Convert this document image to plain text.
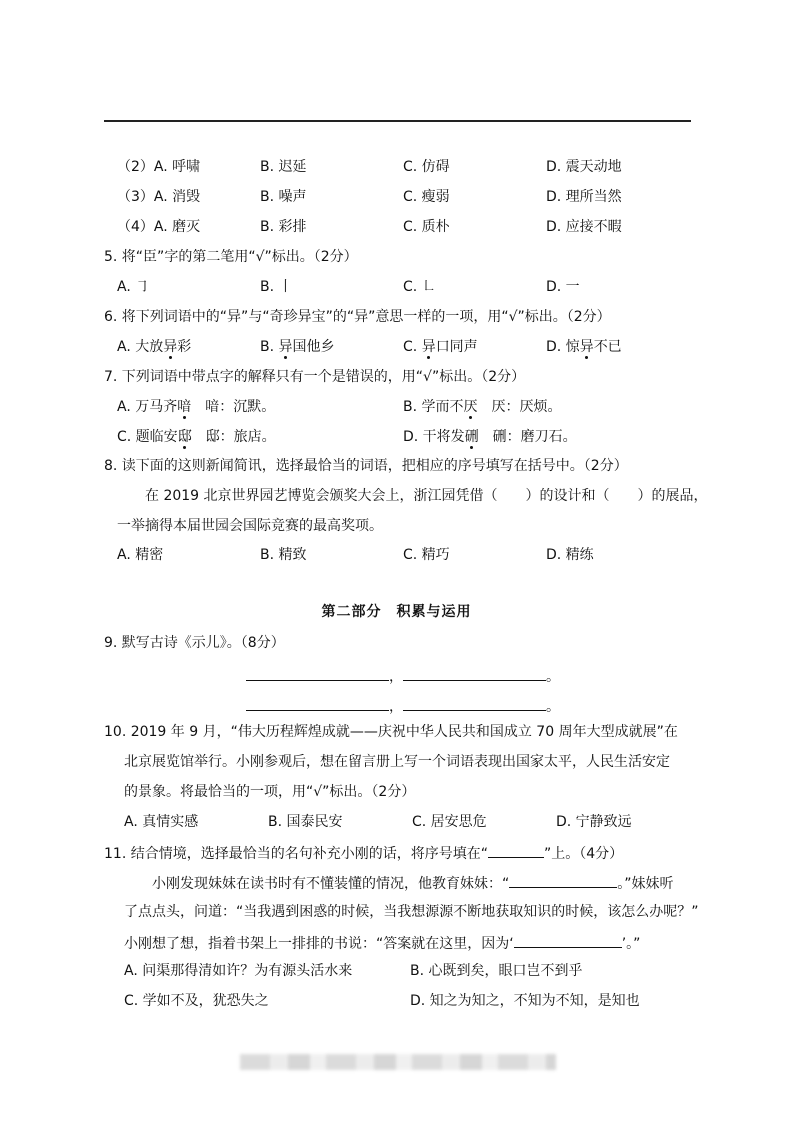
（2）A. 呼啸	B. 迟延	C. 仿碍	D. 震天动地
（3）A. 消毁	B. 噪声	C. 瘦弱	D. 理所当然
（4）A. 磨灭	B. 彩排	C. 质朴	D. 应接不暇
5. 将“臣”字的第二笔用“√”标出。（2分）
A. ㇆	B. 丨	C. ㇗	D. 一
6. 将下列词语中的“异”与“奇珍异宝”的“异”意思一样的一项，用“√”标出。（2分）
A. 大放异彩	B. 异国他乡	C. 异口同声	D. 惊异不已
7. 下列词语中带点字的解释只有一个是错误的，用“√”标出。（2分）
A. 万马齐喑　喑：沉默。	B. 学而不厌　厌：厌烦。
C. 题临安邸　邸：旅店。	D. 干将发硎　硎：磨刀石。
8. 读下面的这则新闻简讯，选择最恰当的词语，把相应的序号填写在括号中。（2分）
在 2019 北京世界园艺博览会颁奖大会上，浙江园凭借（ ）的设计和（ ）的展品，
一举摘得本届世园会国际竞赛的最高奖项。
A. 精密	B. 精致	C. 精巧	D. 精练
第二部分　积累与运用
9. 默写古诗《示儿》。（8分）
，	。
，	。
10. 2019 年 9 月，“伟大历程辉煌成就——庆祝中华人民共和国成立 70 周年大型成就展”在
北京展览馆举行。小刚参观后，想在留言册上写一个词语表现出国家太平，人民生活安定
的景象。将最恰当的一项，用“√”标出。（2分）
A. 真情实感	B. 国泰民安	C. 居安思危	D. 宁静致远
11. 结合情境，选择最恰当的名句补充小刚的话，将序号填在“	”上。（4分）
小刚发现妹妹在读书时有不懂装懂的情况，他教育妹妹：“	。”妹妹听
了点点头，问道：“当我遇到困惑的时候，当我想源源不断地获取知识的时候，该怎么办呢？”
小刚想了想，指着书架上一排排的书说：“答案就在这里，因为‘	’。”
A. 问渠那得清如许？为有源头活水来	B. 心既到矣，眼口岂不到乎
C. 学如不及，犹恐失之	D. 知之为知之，不知为不知，是知也
